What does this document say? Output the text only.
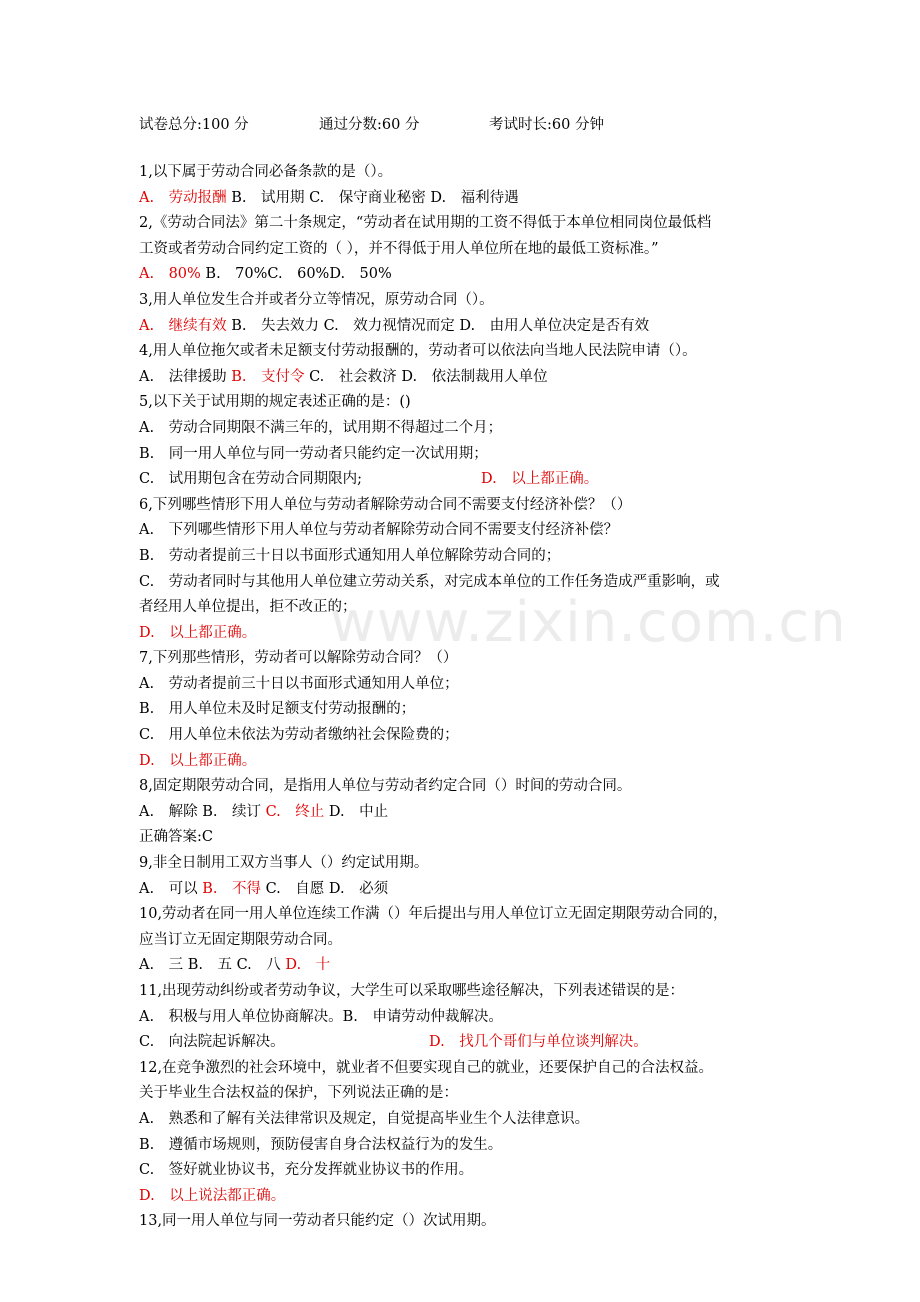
试卷总分:100 分	通过分数:60 分	考试时长:60 分钟
www.zixin.com.cn
1,以下属于劳动合同必备条款的是（）。
A.　劳动报酬 B.　试用期 C.　保守商业秘密 D.　福利待遇
2,《劳动合同法》第二十条规定，“劳动者在试用期的工资不得低于本单位相同岗位最低档
工资或者劳动合同约定工资的（ ），并不得低于用人单位所在地的最低工资标准。”
A.　80% B.　70%C.　60%D.　50%
3,用人单位发生合并或者分立等情况，原劳动合同（）。
A.　继续有效 B.　失去效力 C.　效力视情况而定 D.　由用人单位决定是否有效
4,用人单位拖欠或者未足额支付劳动报酬的，劳动者可以依法向当地人民法院申请（）。
A.　法律援助 B.　支付令 C.　社会救济 D.　依法制裁用人单位
5,以下关于试用期的规定表述正确的是：()
A.　劳动合同期限不满三年的，试用期不得超过二个月；
B.　同一用人单位与同一劳动者只能约定一次试用期；
C.　试用期包含在劳动合同期限内;	D.　以上都正确。
6,下列哪些情形下用人单位与劳动者解除劳动合同不需要支付经济补偿？（）
A.　下列哪些情形下用人单位与劳动者解除劳动合同不需要支付经济补偿？
B.　劳动者提前三十日以书面形式通知用人单位解除劳动合同的；
C.　劳动者同时与其他用人单位建立劳动关系，对完成本单位的工作任务造成严重影响，或
者经用人单位提出，拒不改正的；
D.　以上都正确。
7,下列那些情形，劳动者可以解除劳动合同？（）
A.　劳动者提前三十日以书面形式通知用人单位；
B.　用人单位未及时足额支付劳动报酬的；
C.　用人单位未依法为劳动者缴纳社会保险费的；
D.　以上都正确。
8,固定期限劳动合同，是指用人单位与劳动者约定合同（）时间的劳动合同。
A.　解除 B.　续订 C.　终止 D.　中止
正确答案:C
9,非全日制用工双方当事人（）约定试用期。
A.　可以 B.　不得 C.　自愿 D.　必须
10,劳动者在同一用人单位连续工作满（）年后提出与用人单位订立无固定期限劳动合同的，
应当订立无固定期限劳动合同。
A.　三 B.　五 C.　八 D.　十
11,出现劳动纠纷或者劳动争议，大学生可以采取哪些途径解决，下列表述错误的是：
A.　积极与用人单位协商解决。B.　申请劳动仲裁解决。
C.　向法院起诉解决。	D.　找几个哥们与单位谈判解决。
12,在竞争激烈的社会环境中，就业者不但要实现自己的就业，还要保护自己的合法权益。
关于毕业生合法权益的保护，下列说法正确的是：
A.　熟悉和了解有关法律常识及规定，自觉提高毕业生个人法律意识。
B.　遵循市场规则，预防侵害自身合法权益行为的发生。
C.　签好就业协议书，充分发挥就业协议书的作用。
D.　以上说法都正确。
13,同一用人单位与同一劳动者只能约定（）次试用期。
